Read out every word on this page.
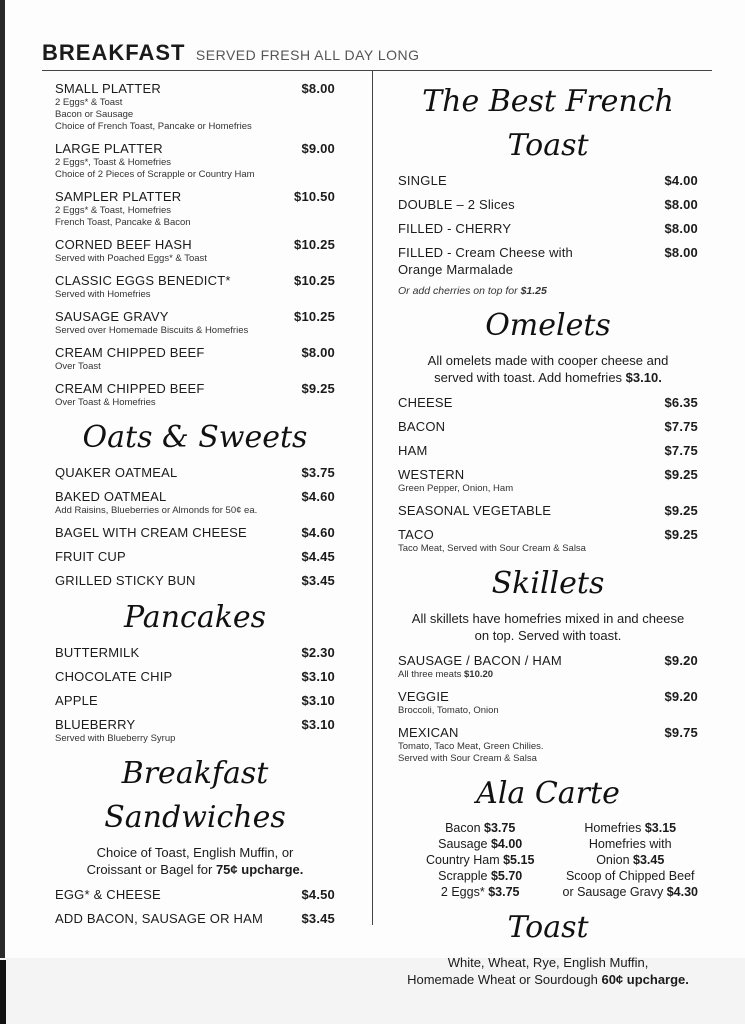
BREAKFAST SERVED FRESH ALL DAY LONG
SMALL PLATTER	$8.00
2 Eggs* & Toast
Bacon or Sausage
Choice of French Toast, Pancake or Homefries
LARGE PLATTER	$9.00
2 Eggs*, Toast & Homefries
Choice of 2 Pieces of Scrapple or Country Ham
SAMPLER PLATTER	$10.50
2 Eggs* & Toast, Homefries
French Toast, Pancake & Bacon
CORNED BEEF HASH	$10.25
Served with Poached Eggs* & Toast
CLASSIC EGGS BENEDICT*	$10.25
Served with Homefries
SAUSAGE GRAVY	$10.25
Served over Homemade Biscuits & Homefries
CREAM CHIPPED BEEF	$8.00
Over Toast
CREAM CHIPPED BEEF	$9.25
Over Toast & Homefries
Oats & Sweets
QUAKER OATMEAL	$3.75
BAKED OATMEAL	$4.60
Add Raisins, Blueberries or Almonds for 50¢ ea.
BAGEL WITH CREAM CHEESE	$4.60
FRUIT CUP	$4.45
GRILLED STICKY BUN	$3.45
Pancakes
BUTTERMILK	$2.30
CHOCOLATE CHIP	$3.10
APPLE	$3.10
BLUEBERRY	$3.10
Served with Blueberry Syrup
Breakfast Sandwiches
Choice of Toast, English Muffin, or
Croissant or Bagel for 75¢ upcharge.
EGG* & CHEESE	$4.50
ADD BACON, SAUSAGE OR HAM	$3.45
The Best French Toast
SINGLE	$4.00
DOUBLE – 2 Slices	$8.00
FILLED - CHERRY	$8.00
FILLED - Cream Cheese with
Orange Marmalade
$8.00
Or add cherries on top for $1.25
Omelets
All omelets made with cooper cheese and
served with toast. Add homefries $3.10.
CHEESE	$6.35
BACON	$7.75
HAM	$7.75
WESTERN	$9.25
Green Pepper, Onion, Ham
SEASONAL VEGETABLE	$9.25
TACO	$9.25
Taco Meat, Served with Sour Cream & Salsa
Skillets
All skillets have homefries mixed in and cheese
on top. Served with toast.
SAUSAGE / BACON / HAM	$9.20
All three meats $10.20
VEGGIE	$9.20
Broccoli, Tomato, Onion
MEXICAN	$9.75
Tomato, Taco Meat, Green Chilies.
Served with Sour Cream & Salsa
Ala Carte
Bacon $3.75
Sausage $4.00
Country Ham $5.15
Scrapple $5.70
2 Eggs* $3.75
Homefries $3.15
Homefries with
Onion $3.45
Scoop of Chipped Beef
or Sausage Gravy $4.30
Toast
White, Wheat, Rye, English Muffin,
Homemade Wheat or Sourdough 60¢ upcharge.
